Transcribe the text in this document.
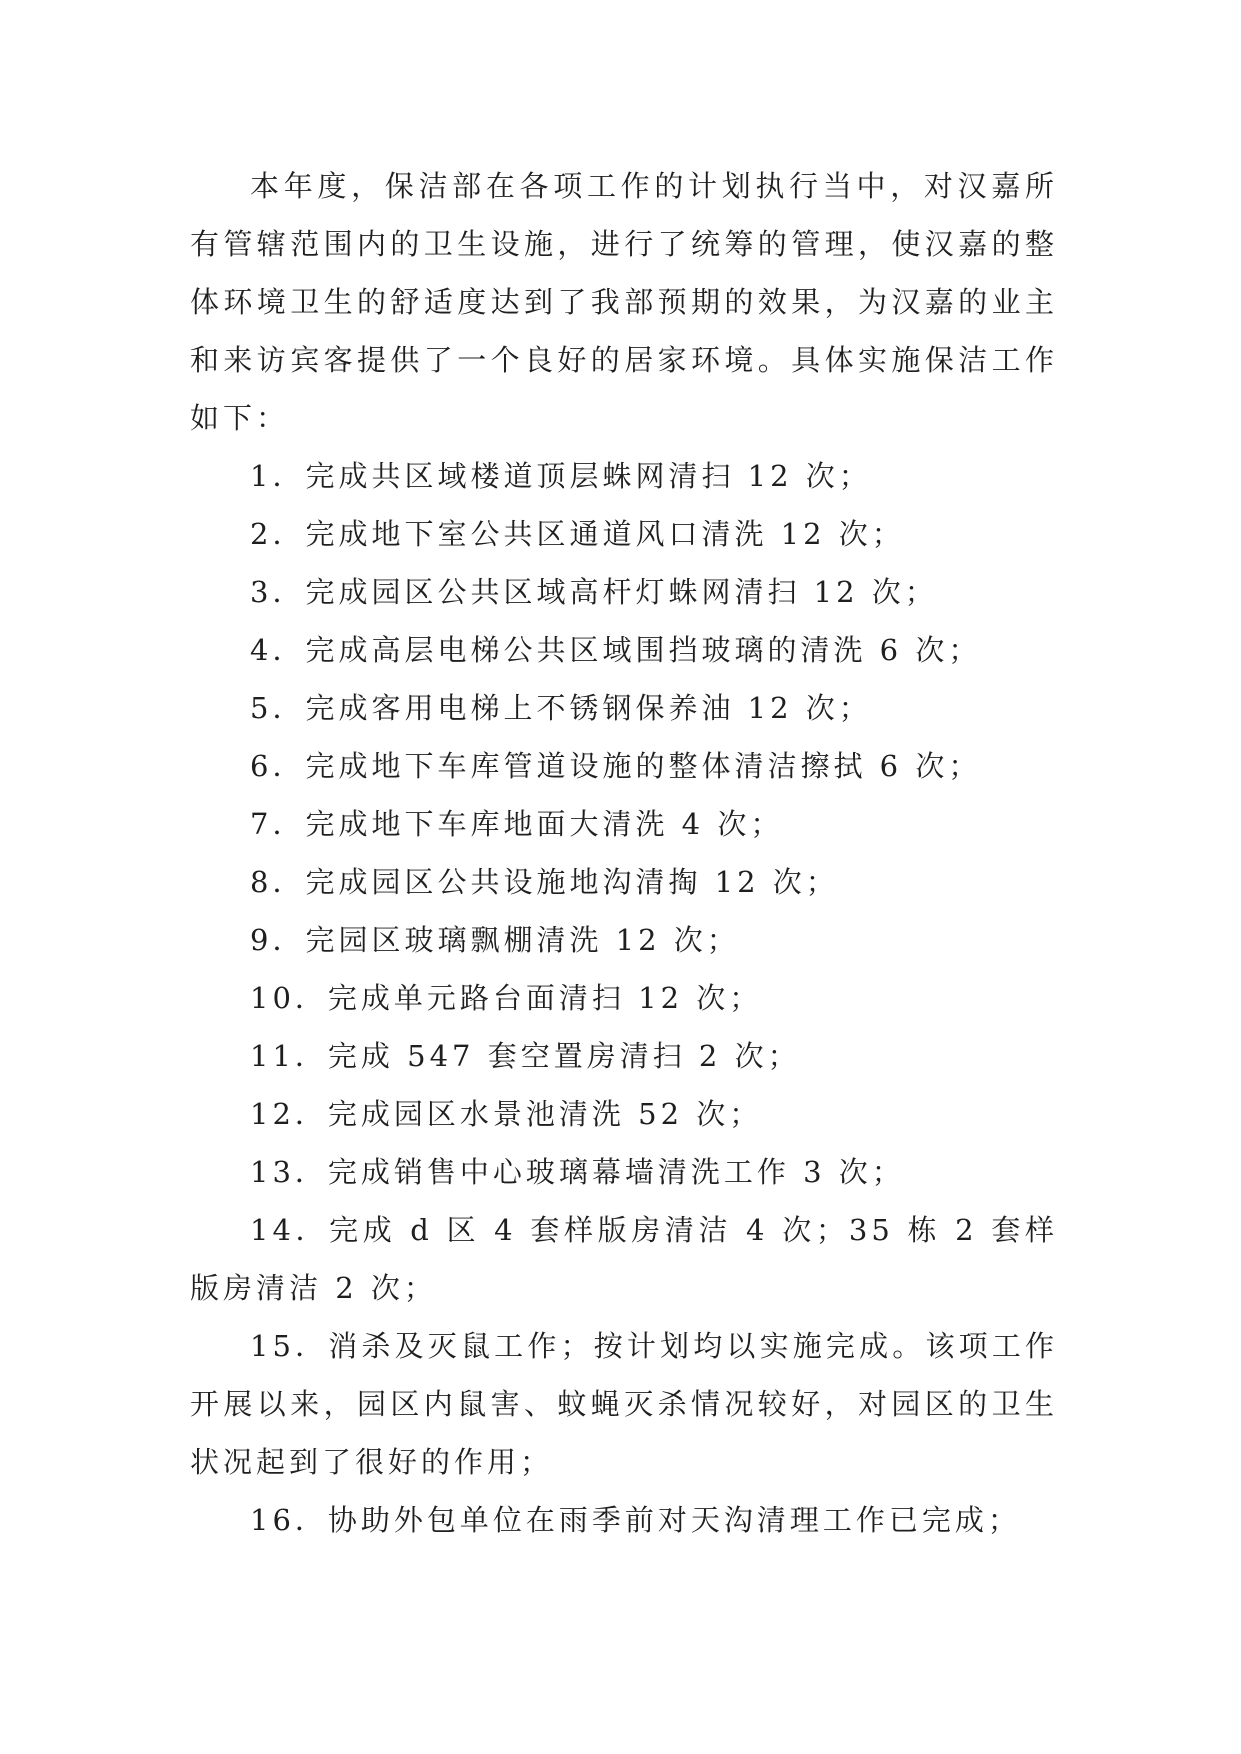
本年度，保洁部在各项工作的计划执行当中，对汉嘉所有管辖范围内的卫生设施，进行了统筹的管理，使汉嘉的整体环境卫生的舒适度达到了我部预期的效果，为汉嘉的业主和来访宾客提供了一个良好的居家环境。具体实施保洁工作如下：

1．完成共区域楼道顶层蛛网清扫 12 次；

2．完成地下室公共区通道风口清洗 12 次；

3．完成园区公共区域高杆灯蛛网清扫 12 次；

4．完成高层电梯公共区域围挡玻璃的清洗 6 次；

5．完成客用电梯上不锈钢保养油 12 次；

6．完成地下车库管道设施的整体清洁擦拭 6 次；

7．完成地下车库地面大清洗 4 次；

8．完成园区公共设施地沟清掏 12 次；

9．完园区玻璃飘棚清洗 12 次；

10．完成单元路台面清扫 12 次；

11．完成 547 套空置房清扫 2 次；

12．完成园区水景池清洗 52 次；

13．完成销售中心玻璃幕墙清洗工作 3 次；

14．完成 d 区 4 套样版房清洁 4 次；35 栋 2 套样版房清洁 2 次；

15．消杀及灭鼠工作；按计划均以实施完成。该项工作开展以来，园区内鼠害、蚊蝇灭杀情况较好，对园区的卫生状况起到了很好的作用；

16．协助外包单位在雨季前对天沟清理工作已完成；
